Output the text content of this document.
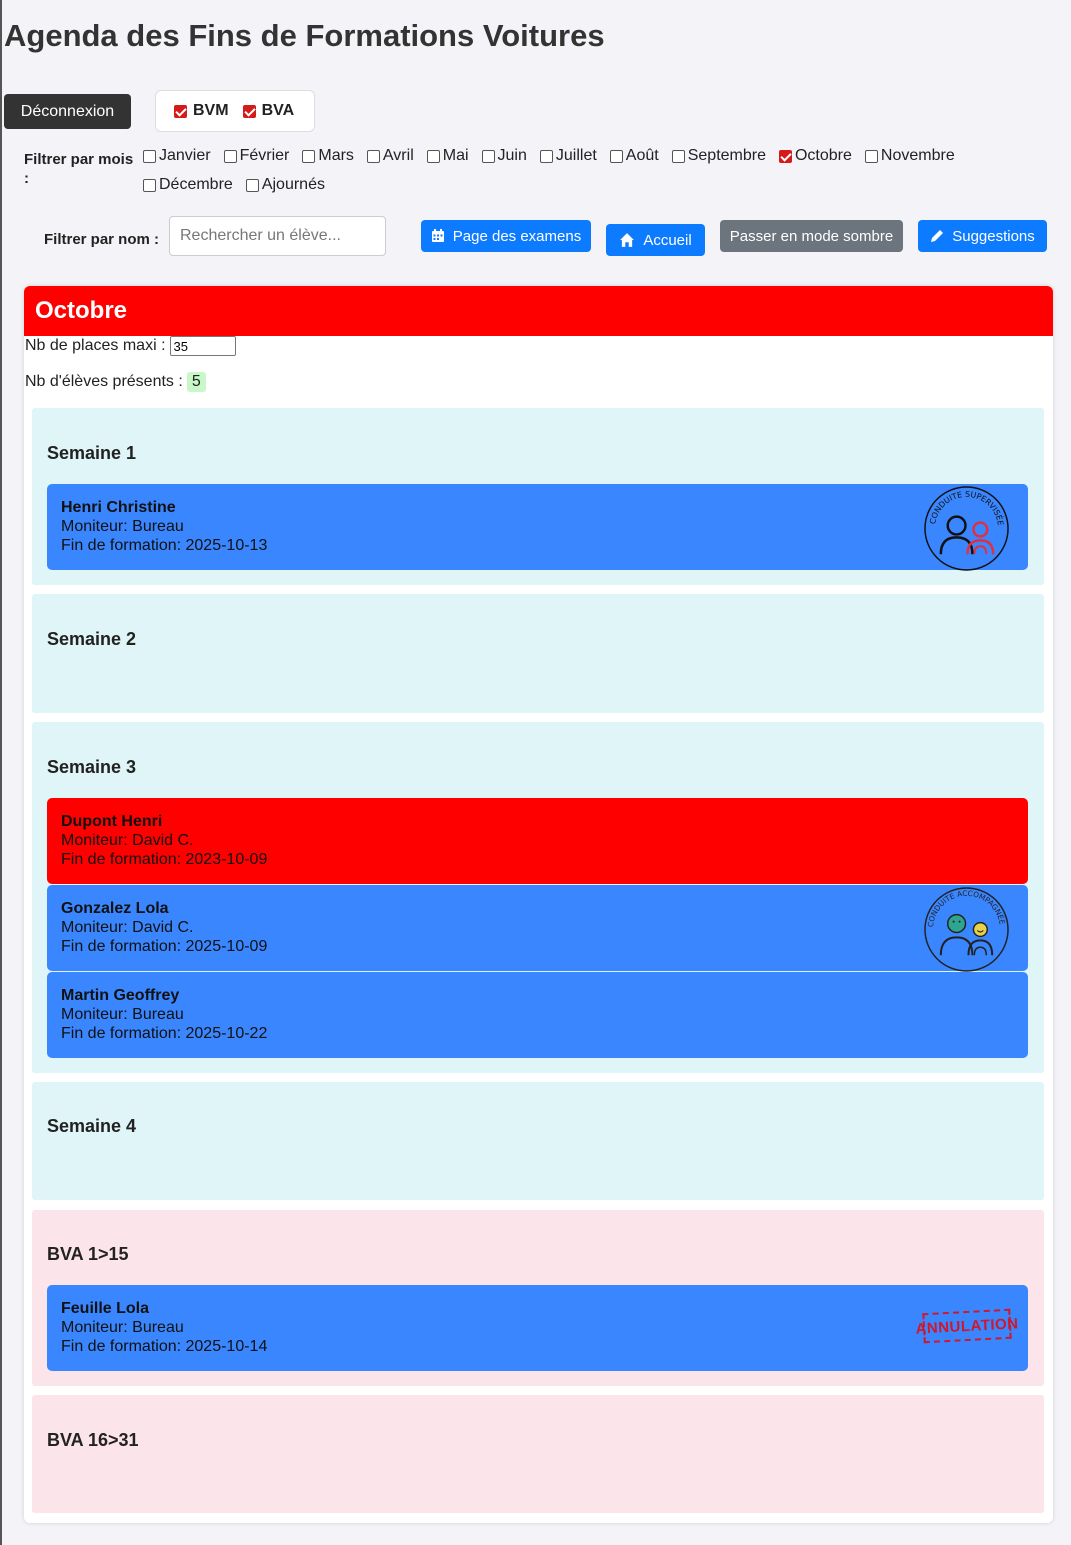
Agenda des Fins de Formations Voitures
Déconnexion	BVM BVA
Filtrer par mois :
Janvier Février Mars Avril Mai Juin Juillet Août Septembre Octobre Novembre
Décembre Ajournés
Filtrer par nom :
Rechercher un élève...	Page des examens	Accueil	Passer en mode sombre	Suggestions
Octobre
Nb de places maxi :
35
Nb d'élèves présents : 5
Semaine 1
Henri Christine
Moniteur: Bureau
Fin de formation: 2025-10-13
CONDUITE SUPERVISÉE
Semaine 2
Semaine 3
Dupont Henri
Moniteur: David C.
Fin de formation: 2023-10-09
Gonzalez Lola
Moniteur: David C.
Fin de formation: 2025-10-09
CONDUITE ACCOMPAGNÉE
Martin Geoffrey
Moniteur: Bureau
Fin de formation: 2025-10-22
Semaine 4
BVA 1>15
Feuille Lola
Moniteur: Bureau
Fin de formation: 2025-10-14
ANNULATION
BVA 16>31
